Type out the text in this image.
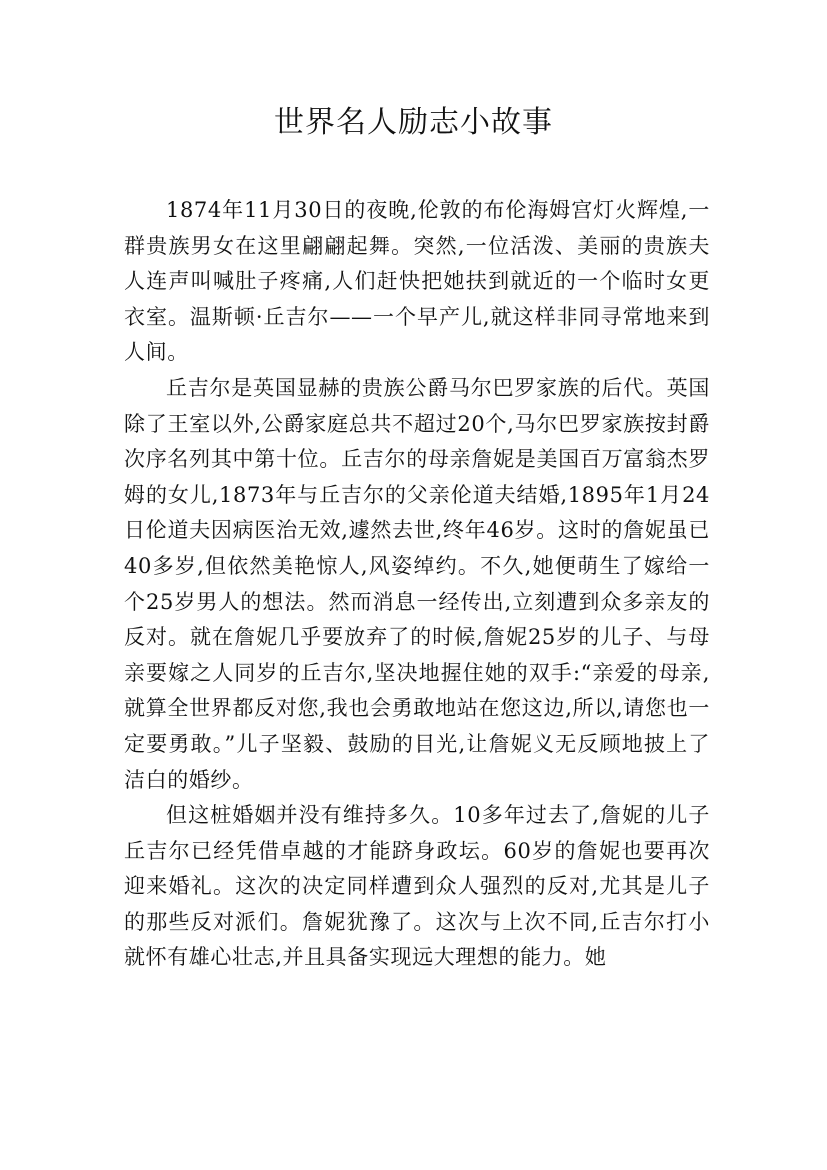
世界名人励志小故事

1874年11月30日的夜晚,伦敦的布伦海姆宫灯火辉煌,一群贵族男女在这里翩翩起舞。突然,一位活泼、美丽的贵族夫人连声叫喊肚子疼痛,人们赶快把她扶到就近的一个临时女更衣室。温斯顿·丘吉尔——一个早产儿,就这样非同寻常地来到人间。

丘吉尔是英国显赫的贵族公爵马尔巴罗家族的后代。英国除了王室以外,公爵家庭总共不超过20个,马尔巴罗家族按封爵次序名列其中第十位。丘吉尔的母亲詹妮是美国百万富翁杰罗姆的女儿,1873年与丘吉尔的父亲伦道夫结婚,1895年1月24日伦道夫因病医治无效,遽然去世,终年46岁。这时的詹妮虽已40多岁,但依然美艳惊人,风姿绰约。不久,她便萌生了嫁给一个25岁男人的想法。然而消息一经传出,立刻遭到众多亲友的反对。就在詹妮几乎要放弃了的时候,詹妮25岁的儿子、与母亲要嫁之人同岁的丘吉尔,坚决地握住她的双手:“亲爱的母亲,就算全世界都反对您,我也会勇敢地站在您这边,所以,请您也一定要勇敢。”儿子坚毅、鼓励的目光,让詹妮义无反顾地披上了洁白的婚纱。

但这桩婚姻并没有维持多久。10多年过去了,詹妮的儿子丘吉尔已经凭借卓越的才能跻身政坛。60岁的詹妮也要再次迎来婚礼。这次的决定同样遭到众人强烈的反对,尤其是儿子的那些反对派们。詹妮犹豫了。这次与上次不同,丘吉尔打小就怀有雄心壮志,并且具备实现远大理想的能力。她
